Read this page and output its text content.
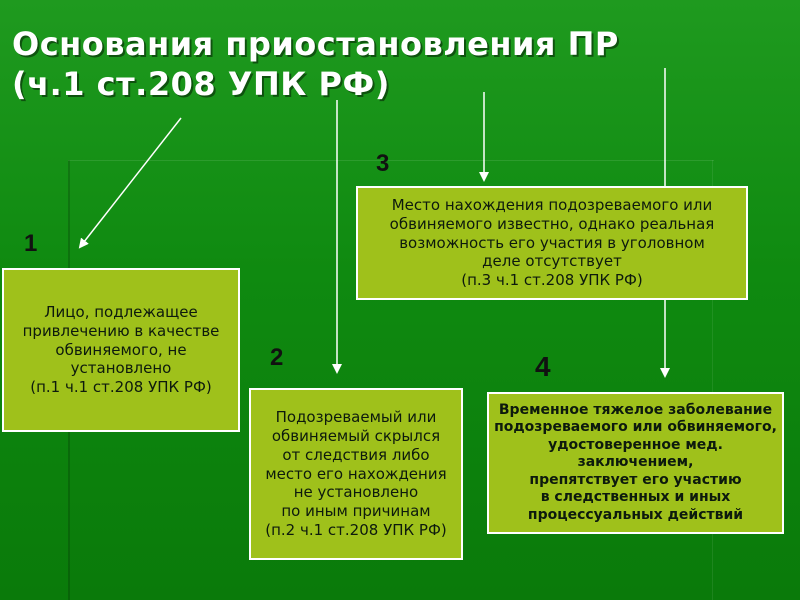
Основания приостановления ПР
(ч.1 ст.208 УПК РФ)
1
2
3
4
Лицо, подлежащее
привлечению в качестве
обвиняемого, не
установлено
(п.1 ч.1 ст.208 УПК РФ)
Подозреваемый или
обвиняемый скрылся
от следствия либо
место его нахождения
не установлено
по иным причинам
(п.2 ч.1 ст.208 УПК РФ)
Место нахождения подозреваемого или
обвиняемого известно, однако реальная
возможность его участия в уголовном
деле отсутствует
(п.3 ч.1 ст.208 УПК РФ)
Временное тяжелое заболевание
подозреваемого или обвиняемого,
удостоверенное мед. заключением,
препятствует его участию
в следственных и иных
процессуальных действий
